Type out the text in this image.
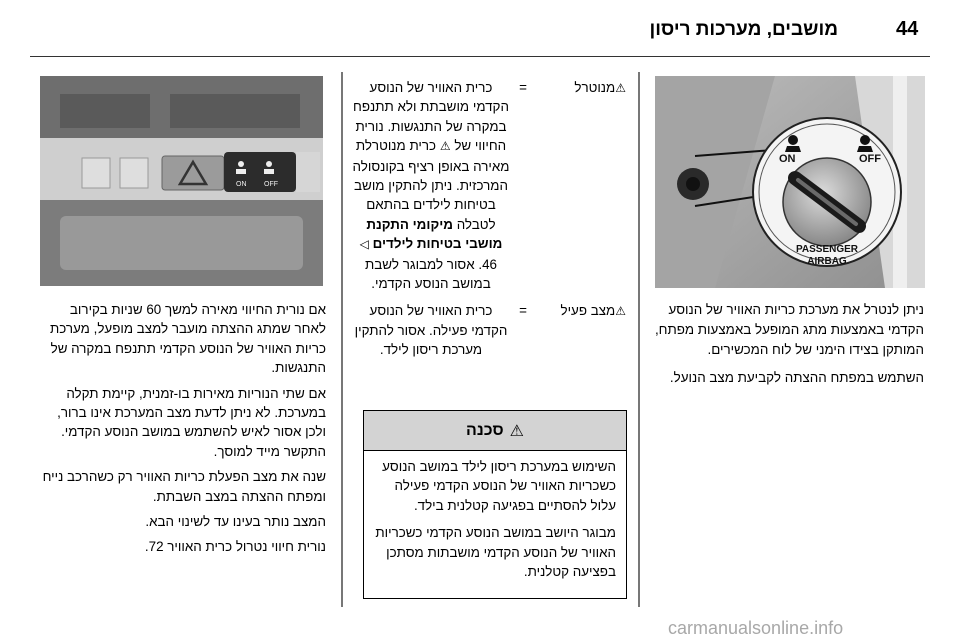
44
מושבים, מערכות ריסון
ON	OFF
PASSENGER
AIRBAG
ON	OFF

ניתן לנטרל את מערכת כריות האוויר של הנוסע הקדמי באמצעות מתג המופעל באמצעות מפתח, המותקן בצידו הימני של לוח המכשירים.

השתמש במפתח ההצתה לקביעת מצב הנועל.

⚠מנוטרל
=
כרית האוויר של הנוסע הקדמי מושבתת ולא תתנפח במקרה של התנגשות. נורית החיווי של ⚠ כרית מנוטרלת מאירה באופן רציף בקונסולה המרכזית. ניתן להתקין מושב בטיחות לילדים בהתאם לטבלה מיקומי התקנת מושבי בטיחות לילדים ◁ 46. אסור למבוגר לשבת במושב הנוסע הקדמי.
⚠מצב פעיל
=
כרית האוויר של הנוסע הקדמי פעילה. אסור להתקין מערכת ריסון לילד.
⚠
סכנה

השימוש במערכת ריסון לילד במושב הנוסע כשכריות האוויר של הנוסע הקדמי פעילה עלול להסתיים בפגיעה קטלנית בילד.

מבוגר היושב במושב הנוסע הקדמי כשכריות האוויר של הנוסע הקדמי מושבתות מסתכן בפציעה קטלנית.

אם נורית החיווי מאירה למשך 60 שניות בקירוב לאחר שמתג ההצתה מועבר למצב מופעל, מערכת כריות האוויר של הנוסע הקדמי תתנפח במקרה של התנגשות.

אם שתי הנוריות מאירות בו-זמנית, קיימת תקלה במערכת. לא ניתן לדעת מצב המערכת אינו ברור, ולכן אסור לאיש להשתמש במושב הנוסע הקדמי. התקשר מייד למוסך.

שנה את מצב הפעלת כריות האוויר רק כשהרכב נייח ומפתח ההצתה במצב השבתת.

המצב נותר בעינו עד לשינוי הבא.

נורית חיווי נטרול כרית האוויר 72.

carmanualsonline.info
